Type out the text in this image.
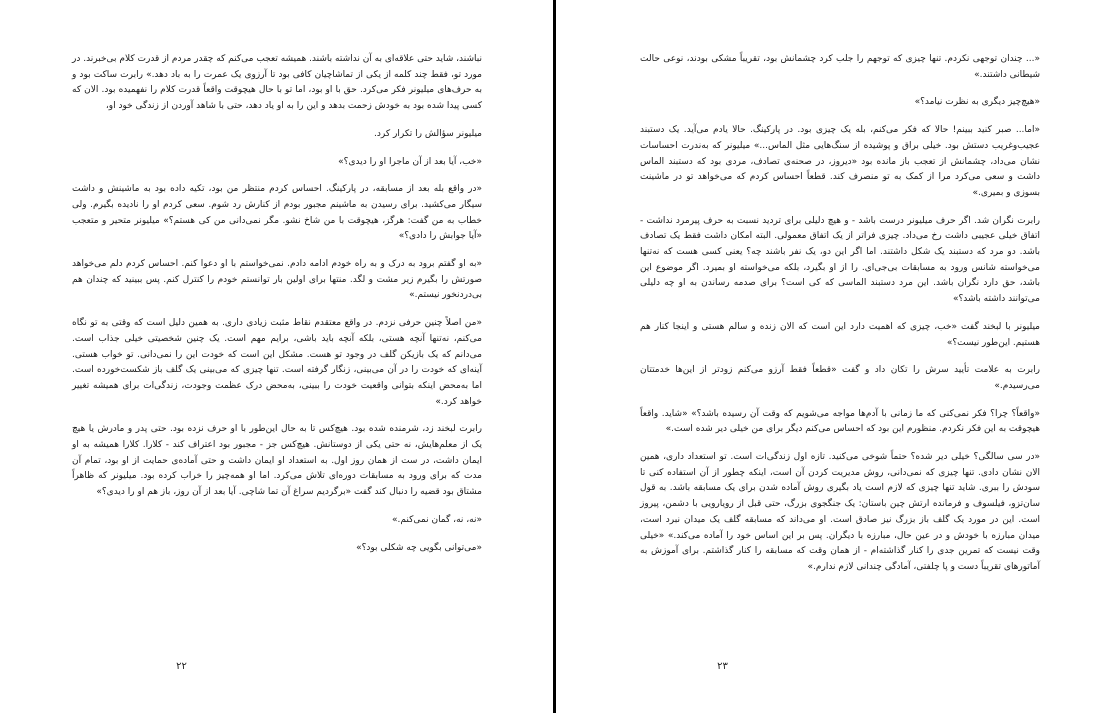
نباشند، شاید حتی علاقه‌ای به آن نداشته باشند. همیشه تعجب می‌کنم که چقدر مردم از قدرت کلام بی‌خبرند. در مورد تو، فقط چند کلمه از یکی از تماشاچیان کافی بود تا آرزوی یک عمرت را به باد دهد.» رابرت ساکت بود و به حرف‌های میلیونر فکر می‌کرد. حق با او بود، اما تو با حال هیچوقت واقعاً قدرت کلام را نفهمیده بود. الان که کسی پیدا شده بود به خودش زحمت بدهد و این را به او یاد دهد، حتی با شاهد آوردن از زندگی خود او،

میلیونر سؤالش را تکرار کرد.

«خب، آیا بعد از آن ماجرا او را دیدی؟»

«در واقع بله بعد از مسابقه، در پارکینگ. احساس کردم منتظر من بود، تکیه داده بود به ماشینش و داشت سیگار می‌کشید. برای رسیدن به ماشینم مجبور بودم از کنارش رد شوم. سعی کردم او را نادیده بگیرم. ولی خطاب به من گفت: هرگز، هیچوقت با من شاخ نشو. مگر نمی‌دانی من کی هستم؟» میلیونر متحیر و متعجب «آیا جوابش را دادی؟»

«به او گفتم برود به درک و به راه خودم ادامه دادم. نمی‌خواستم با او دعوا کنم. احساس کردم دلم می‌خواهد صورتش را بگیرم زیر مشت و لگد. منتها برای اولین بار توانستم خودم را کنترل کنم. پس ببینید که چندان هم بی‌دردنخور نیستم.»

«من اصلاً چنین حرفی نزدم. در واقع معتقدم نقاط مثبت زیادی داری. به همین دلیل است که وقتی به تو نگاه می‌کنم، نه‌تنها آنچه هستی، بلکه آنچه باید باشی، برایم مهم است. یک چنین شخصیتی خیلی جذاب است. می‌دانم که یک بازیکن گلف در وجود تو هست. مشکل این است که خودت این را نمی‌دانی. تو خواب هستی. آینه‌ای که خودت را در آن می‌بینی، زنگار گرفته است. تنها چیزی که می‌بینی یک گلف باز شکست‌خورده است. اما به‌محض اینکه بتوانی واقعیت خودت را ببینی، به‌محض درک عظمت وجودت، زندگی‌ات برای همیشه تغییر خواهد کرد.»

رابرت لبخند زد، شرمنده شده بود. هیچ‌کس تا به حال این‌طور با او حرف نزده بود. حتی پدر و مادرش یا هیچ یک از معلم‌هایش، نه حتی یکی از دوستانش. هیچ‌کس جز - مجبور بود اعتراف کند - کلارا. کلارا همیشه به او ایمان داشت، در ست از همان روز اول. به استعداد او ایمان داشت و حتی آماده‌ی حمایت از او بود، تمام آن مدت که برای ورود به مسابقات دوره‌ای تلاش می‌کرد. اما او همه‌چیز را خراب کرده بود. میلیونر که ظاهراً مشتاق بود قضیه را دنبال کند گفت «برگردیم سراغ آن تما شاچی. آیا بعد از آن روز، باز هم او را دیدی؟»

«نه، نه، گمان نمی‌کنم.»

«می‌توانی بگویی چه شکلی بود؟»

۲۲

«... چندان توجهی نکردم. تنها چیزی که توجهم را جلب کرد چشمانش بود، تقریباً مشکی بودند، نوعی حالت شیطانی داشتند.»

«هیچ‌چیز دیگری به نظرت نیامد؟»

«اما... صبر کنید ببینم! حالا که فکر می‌کنم، بله یک چیزی بود. در پارکینگ. حالا یادم می‌آید. یک دستبند عجیب‌وغریب دستش بود. خیلی براق و پوشیده از سنگ‌هایی مثل الماس...» میلیونر که به‌ندرت احساسات نشان می‌داد، چشمانش از تعجب باز مانده بود «دیروز، در صحنه‌ی تصادف، مردی بود که دستبند الماس داشت و سعی می‌کرد مرا از کمک به تو منصرف کند. قطعاً احساس کردم که می‌خواهد تو در ماشینت بسوزی و بمیری.»

رابرت نگران شد. اگر حرف میلیونر درست باشد - و هیچ دلیلی برای تردید نسبت به حرف پیرمرد نداشت - اتفاق خیلی عجیبی داشت رخ می‌داد. چیزی فراتر از یک اتفاق معمولی. البته امکان داشت فقط یک تصادف باشد. دو مرد که دستبند یک شکل داشتند. اما اگر این دو، یک نفر باشند چه؟ یعنی کسی هست که نه‌تنها می‌خواسته شانس ورود به مسابقات بی‌جی‌ای. را از او بگیرد، بلکه می‌خواسته او بمیرد. اگر موضوع این باشد، حق دارد نگران باشد. این مرد دستبند الماسی که کی است؟ برای صدمه رساندن به او چه دلیلی می‌توانند داشته باشد؟»

میلیونر با لبخند گفت «خب، چیزی که اهمیت دارد این است که الان زنده و سالم هستی و اینجا کنار هم هستیم. این‌طور نیست؟»

رابرت به علامت تأیید سرش را تکان داد و گفت «قطعاً فقط آرزو می‌کنم زودتر از این‌ها خدمتتان می‌رسیدم.»

«واقعاً؟ چرا؟ فکر نمی‌کنی که ما زمانی با آدم‌ها مواجه می‌شویم که وقت آن رسیده باشد؟» «شاید. واقعاً هیچوقت به این فکر نکردم. منظورم این بود که احساس می‌کنم دیگر برای من خیلی دیر شده است.»

«در سی سالگی؟ خیلی دیر شده؟ حتماً شوخی می‌کنید. تازه اول زندگی‌ات است. تو استعداد داری، همین الان نشان دادی. تنها چیزی که نمی‌دانی، روش مدیریت کردن آن است، اینکه چطور از آن استفاده کنی تا سودش را ببری. شاید تنها چیزی که لازم است یاد بگیری روش آماده شدن برای یک مسابقه باشد. به قول سان‌تزو، فیلسوف و فرمانده ارتش چین باستان: یک جنگجوی بزرگ، حتی قبل از رویارویی با دشمن، پیروز است. این در مورد یک گلف باز بزرگ نیز صادق است. او می‌داند که مسابقه گلف یک میدان نبرد است، میدان مبارزه با خودش و در عین حال، مبارزه با دیگران. پس بر این اساس خود را آماده می‌کند.» «خیلی وقت نیست که تمرین جدی را کنار گذاشته‌ام - از همان وقت که مسابقه را کنار گذاشتم. برای آموزش به آماتورهای تقریباً دست و پا چلفتی، آمادگی چندانی لازم ندارم.»

۲۳
